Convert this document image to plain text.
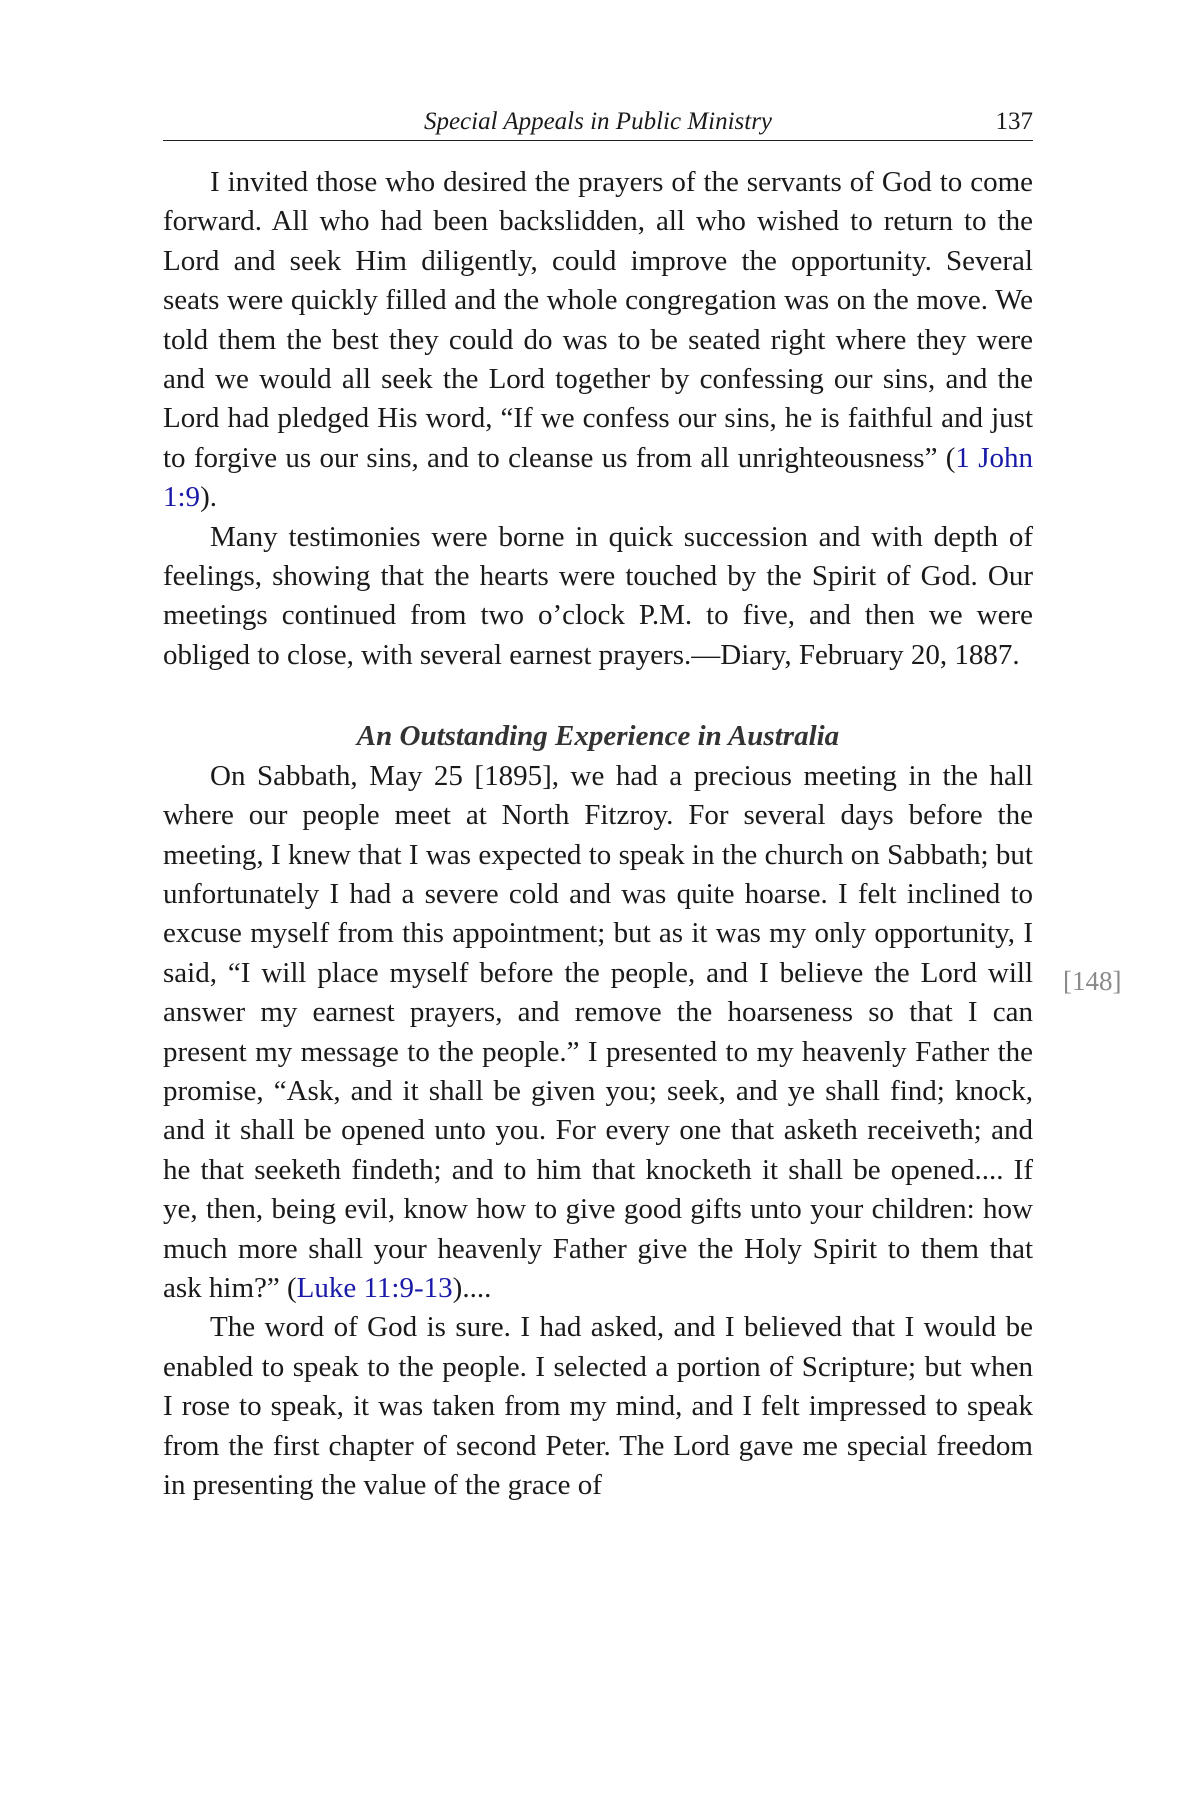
Special Appeals in Public Ministry	137

I invited those who desired the prayers of the servants of God to come forward. All who had been backslidden, all who wished to return to the Lord and seek Him diligently, could improve the opportunity. Several seats were quickly filled and the whole congregation was on the move. We told them the best they could do was to be seated right where they were and we would all seek the Lord together by confessing our sins, and the Lord had pledged His word, “If we confess our sins, he is faithful and just to forgive us our sins, and to cleanse us from all unrighteousness” (1 John 1:9).

Many testimonies were borne in quick succession and with depth of feelings, showing that the hearts were touched by the Spirit of God. Our meetings continued from two o’clock P.M. to five, and then we were obliged to close, with several earnest prayers.—Diary, February 20, 1887.

An Outstanding Experience in Australia

On Sabbath, May 25 [1895], we had a precious meeting in the hall where our people meet at North Fitzroy. For several days before the meeting, I knew that I was expected to speak in the church on Sabbath; but unfortunately I had a severe cold and was quite hoarse. I felt inclined to excuse myself from this appointment; but as it was my only opportunity, I said, “I will place myself before the people, and I believe the Lord will answer my earnest prayers, and remove the hoarseness so that I can present my message to the people.” I presented to my heavenly Father the promise, “Ask, and it shall be given you; seek, and ye shall find; knock, and it shall be opened unto you. For every one that asketh receiveth; and he that seeketh findeth; and to him that knocketh it shall be opened.... If ye, then, being evil, know how to give good gifts unto your children: how much more shall your heavenly Father give the Holy Spirit to them that ask him?” (Luke 11:9-13)....

The word of God is sure. I had asked, and I believed that I would be enabled to speak to the people. I selected a portion of Scripture; but when I rose to speak, it was taken from my mind, and I felt impressed to speak from the first chapter of second Peter. The Lord gave me special freedom in presenting the value of the grace of

[148]
